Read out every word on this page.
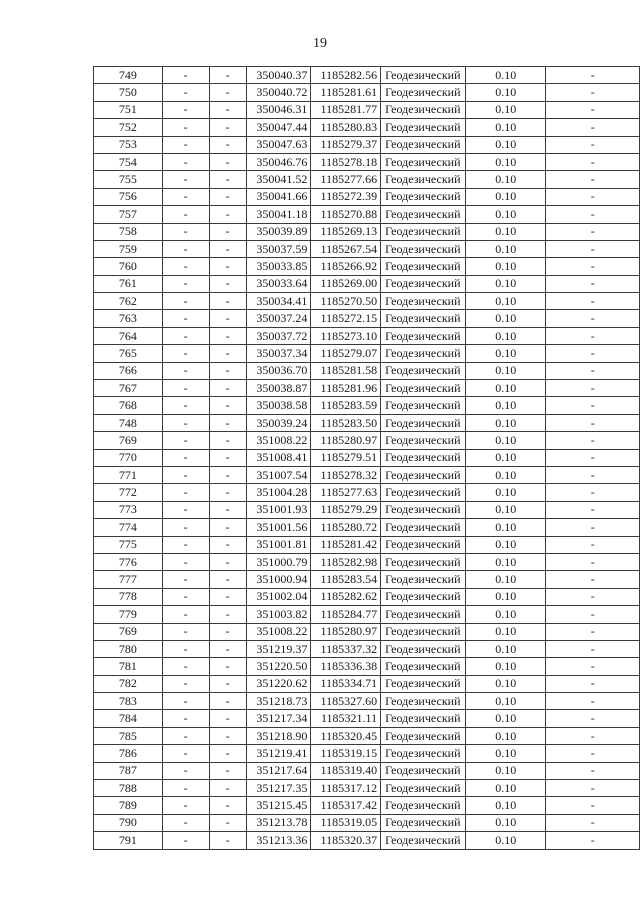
19
749	-	-	350040.37	1185282.56	Геодезический	0.10	-
750	-	-	350040.72	1185281.61	Геодезический	0.10	-
751	-	-	350046.31	1185281.77	Геодезический	0.10	-
752	-	-	350047.44	1185280.83	Геодезический	0.10	-
753	-	-	350047.63	1185279.37	Геодезический	0.10	-
754	-	-	350046.76	1185278.18	Геодезический	0.10	-
755	-	-	350041.52	1185277.66	Геодезический	0.10	-
756	-	-	350041.66	1185272.39	Геодезический	0.10	-
757	-	-	350041.18	1185270.88	Геодезический	0.10	-
758	-	-	350039.89	1185269.13	Геодезический	0.10	-
759	-	-	350037.59	1185267.54	Геодезический	0.10	-
760	-	-	350033.85	1185266.92	Геодезический	0.10	-
761	-	-	350033.64	1185269.00	Геодезический	0.10	-
762	-	-	350034.41	1185270.50	Геодезический	0.10	-
763	-	-	350037.24	1185272.15	Геодезический	0.10	-
764	-	-	350037.72	1185273.10	Геодезический	0.10	-
765	-	-	350037.34	1185279.07	Геодезический	0.10	-
766	-	-	350036.70	1185281.58	Геодезический	0.10	-
767	-	-	350038.87	1185281.96	Геодезический	0.10	-
768	-	-	350038.58	1185283.59	Геодезический	0.10	-
748	-	-	350039.24	1185283.50	Геодезический	0.10	-
769	-	-	351008.22	1185280.97	Геодезический	0.10	-
770	-	-	351008.41	1185279.51	Геодезический	0.10	-
771	-	-	351007.54	1185278.32	Геодезический	0.10	-
772	-	-	351004.28	1185277.63	Геодезический	0.10	-
773	-	-	351001.93	1185279.29	Геодезический	0.10	-
774	-	-	351001.56	1185280.72	Геодезический	0.10	-
775	-	-	351001.81	1185281.42	Геодезический	0.10	-
776	-	-	351000.79	1185282.98	Геодезический	0.10	-
777	-	-	351000.94	1185283.54	Геодезический	0.10	-
778	-	-	351002.04	1185282.62	Геодезический	0.10	-
779	-	-	351003.82	1185284.77	Геодезический	0.10	-
769	-	-	351008.22	1185280.97	Геодезический	0.10	-
780	-	-	351219.37	1185337.32	Геодезический	0.10	-
781	-	-	351220.50	1185336.38	Геодезический	0.10	-
782	-	-	351220.62	1185334.71	Геодезический	0.10	-
783	-	-	351218.73	1185327.60	Геодезический	0.10	-
784	-	-	351217.34	1185321.11	Геодезический	0.10	-
785	-	-	351218.90	1185320.45	Геодезический	0.10	-
786	-	-	351219.41	1185319.15	Геодезический	0.10	-
787	-	-	351217.64	1185319.40	Геодезический	0.10	-
788	-	-	351217.35	1185317.12	Геодезический	0.10	-
789	-	-	351215.45	1185317.42	Геодезический	0.10	-
790	-	-	351213.78	1185319.05	Геодезический	0.10	-
791	-	-	351213.36	1185320.37	Геодезический	0.10	-
